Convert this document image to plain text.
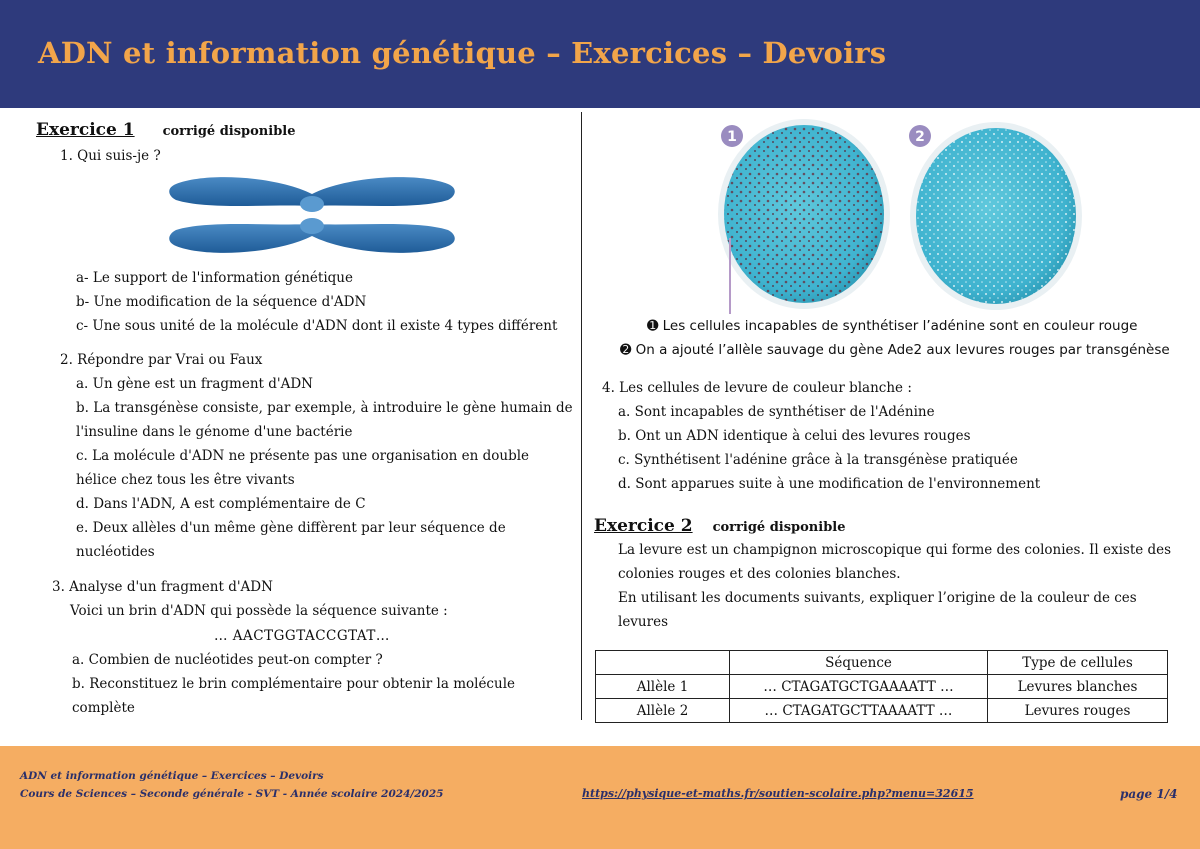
ADN et information génétique – Exercices – Devoirs
Exercice 1 corrigé disponible
1. Qui suis-je ?
a- Le support de l'information génétique
b- Une modification de la séquence d'ADN
c- Une sous unité de la molécule d'ADN dont il existe 4 types différent
2. Répondre par Vrai ou Faux
a. Un gène est un fragment d'ADN
b. La transgénèse consiste, par exemple, à introduire le gène humain de
l'insuline dans le génome d'une bactérie
c. La molécule d'ADN ne présente pas une organisation en double
hélice chez tous les être vivants
d. Dans l'ADN, A est complémentaire de C
e. Deux allèles d'un même gène diffèrent par leur séquence de
nucléotides
3. Analyse d'un fragment d'ADN
Voici un brin d'ADN qui possède la séquence suivante :
… AACTGGTACCGTAT…
a. Combien de nucléotides peut-on compter ?
b. Reconstituez le brin complémentaire pour obtenir la molécule
complète
1	2
➊ Les cellules incapables de synthétiser l’adénine sont en couleur rouge
➋ On a ajouté l’allèle sauvage du gène Ade2 aux levures rouges par transgénèse
4. Les cellules de levure de couleur blanche :
a. Sont incapables de synthétiser de l'Adénine
b. Ont un ADN identique à celui des levures rouges
c. Synthétisent l'adénine grâce à la transgénèse pratiquée
d. Sont apparues suite à une modification de l'environnement
Exercice 2 corrigé disponible
La levure est un champignon microscopique qui forme des colonies. Il existe des
colonies rouges et des colonies blanches.
En utilisant les documents suivants, expliquer l’origine de la couleur de ces
levures
	Séquence	Type de cellules
Allèle 1	… CTAGATGCTGAAAATT …	Levures blanches
Allèle 2	… CTAGATGCTTAAAATT …	Levures rouges
ADN et information génétique – Exercices – Devoirs
Cours de Sciences – Seconde générale - SVT - Année scolaire 2024/2025	https://physique-et-maths.fr/soutien-scolaire.php?menu=32615	page 1/4
